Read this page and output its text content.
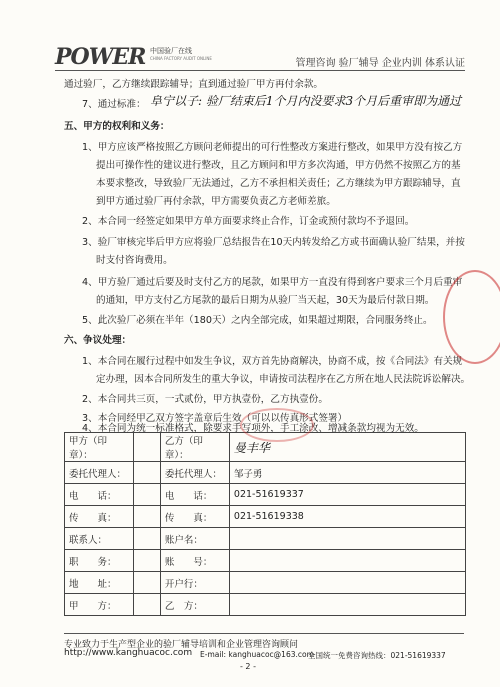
POWER 中国验厂在线
CHINA FACTORY AUDIT ONLINE	管理咨询 验厂辅导 企业内训 体系认证
通过验厂，乙方继续跟踪辅导；直到通过验厂甲方再付余款。
7、通过标准： 阜宁以子: 验厂结束后1个月内没要求3个月后重审即为通过
五、甲方的权利和义务：
1、甲方应该严格按照乙方顾问老师提出的可行性整改方案进行整改，如果甲方没有按乙方
提出可操作性的建议进行整改，且乙方顾问和甲方多次沟通，甲方仍然不按照乙方的基
本要求整改，导致验厂无法通过，乙方不承担相关责任；乙方继续为甲方跟踪辅导，直
到甲方通过验厂再付余款，甲方需要负责乙方老师差旅。
2、本合同一经签定如果甲方单方面要求终止合作，订金或预付款均不予退回。
3、验厂审核完毕后甲方应将验厂总结报告在10天内转发给乙方或书面确认验厂结果，并按
时支付咨询费用。
4、甲方验厂通过后要及时支付乙方的尾款，如果甲方一直没有得到客户要求三个月后重审
的通知，甲方支付乙方尾款的最后日期为从验厂当天起，30天为最后付款日期。
5、此次验厂必须在半年（180天）之内全部完成，如果超过期限，合同服务终止。
六、争议处理：
1、本合同在履行过程中如发生争议，双方首先协商解决，协商不成，按《合同法》有关规
定办理，因本合同所发生的重大争议，申请按司法程序在乙方所在地人民法院诉讼解决。
2、本合同共三页，一式贰份，甲方执壹份，乙方执壹份。
3、本合同经甲乙双方签字盖章后生效（可以以传真形式签署）
4、本合同为统一标准格式，除要求手写项外，手工涂改、增减条款均视为无效。
甲方（印章）：		乙方（印章）：	曼丰华
委托代理人：		委托代理人：	邹子勇
电　　话：		电　　话：	021-51619337
传　　真：		传　　真：	021-51619338
联系人：		账户名：	
职　　务：		账　　号：	
地　　址：		开户行：	
甲　　方：		乙　方：	
专业致力于生产型企业的验厂辅导培训和企业管理咨询顾问
http://www.kanghuacoc.com E-mail: kanghuacoc@163.com
全国统一免费咨询热线：021-51619337
- 2 -
